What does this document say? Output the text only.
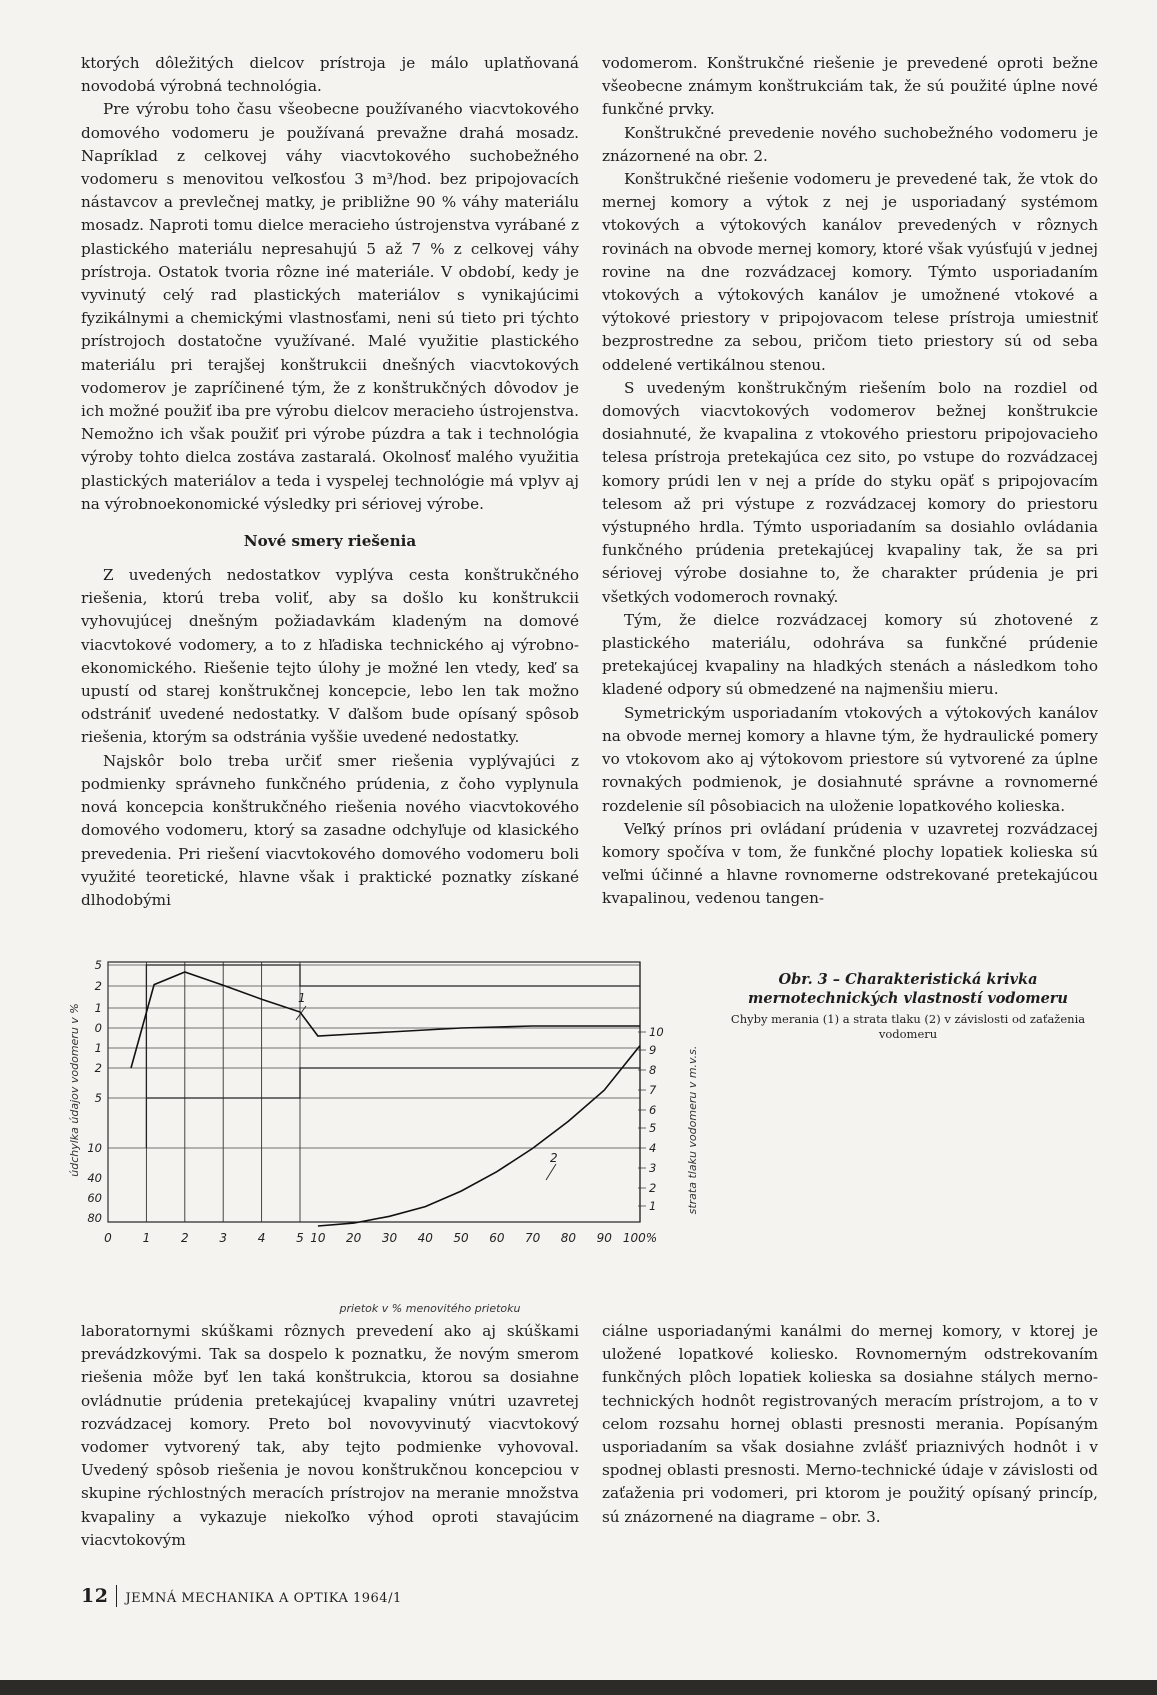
ktorých dôležitých dielcov prístroja je málo uplatňovaná novodobá výrobná technológia.

Pre výrobu toho času všeobecne používaného viacvtokového domového vodomeru je používaná prevažne drahá mosadz. Napríklad z celkovej váhy viacvtokového suchobežného vodomeru s menovitou veľkosťou 3 m³/hod. bez pripojovacích nástavcov a prevlečnej matky, je približne 90 % váhy materiálu mosadz. Naproti tomu dielce meracieho ústrojenstva vyrábané z plastického materiálu nepresahujú 5 až 7 % z celkovej váhy prístroja. Ostatok tvoria rôzne iné materiále. V období, kedy je vyvinutý celý rad plastických materiálov s vynikajúcimi fyzikálnymi a chemickými vlastnosťami, neni sú tieto pri týchto prístrojoch dostatočne využívané. Malé využitie plastického materiálu pri terajšej konštrukcii dnešných viacvtokových vodomerov je zapríčinené tým, že z konštrukčných dôvodov je ich možné použiť iba pre výrobu dielcov meracieho ústrojenstva. Nemožno ich však použiť pri výrobe púzdra a tak i technológia výroby tohto dielca zostáva zastaralá. Okolnosť malého využitia plastických materiálov a teda i vyspelej technológie má vplyv aj na výrobnoekonomické výsledky pri sériovej výrobe.

Nové smery riešenia

Z uvedených nedostatkov vyplýva cesta konštrukčného riešenia, ktorú treba voliť, aby sa došlo ku konštrukcii vyhovujúcej dnešným požiadavkám kladeným na domové viacvtokové vodomery, a to z hľadiska technického aj výrobno-ekonomického. Riešenie tejto úlohy je možné len vtedy, keď sa upustí od starej konštrukčnej koncepcie, lebo len tak možno odstrániť uvedené nedostatky. V ďalšom bude opísaný spôsob riešenia, ktorým sa odstránia vyššie uvedené nedostatky.

Najskôr bolo treba určiť smer riešenia vyplývajúci z podmienky správneho funkčného prúdenia, z čoho vyplynula nová koncepcia konštrukčného riešenia nového viacvtokového domového vodomeru, ktorý sa zasadne odchyľuje od klasického prevedenia. Pri riešení viacvtokového domového vodomeru boli využité teoretické, hlavne však i praktické poznatky získané dlhodobými

vodomerom. Konštrukčné riešenie je prevedené oproti bežne všeobecne známym konštrukciám tak, že sú použité úplne nové funkčné prvky.

Konštrukčné prevedenie nového suchobežného vodomeru je znázornené na obr. 2.

Konštrukčné riešenie vodomeru je prevedené tak, že vtok do mernej komory a výtok z nej je usporiadaný systémom vtokových a výtokových kanálov prevedených v rôznych rovinách na obvode mernej komory, ktoré však vyúsťujú v jednej rovine na dne rozvádzacej komory. Týmto usporiadaním vtokových a výtokových kanálov je umožnené vtokové a výtokové priestory v pripojovacom telese prístroja umiestniť bezprostredne za sebou, pričom tieto priestory sú od seba oddelené vertikálnou stenou.

S uvedeným konštrukčným riešením bolo na rozdiel od domových viacvtokových vodomerov bežnej konštrukcie dosiahnuté, že kvapalina z vtokového priestoru pripojovacieho telesa prístroja pretekajúca cez sito, po vstupe do rozvádzacej komory prúdi len v nej a príde do styku opäť s pripojovacím telesom až pri výstupe z rozvádzacej komory do priestoru výstupného hrdla. Týmto usporiadaním sa dosiahlo ovládania funkčného prúdenia pretekajúcej kvapaliny tak, že sa pri sériovej výrobe dosiahne to, že charakter prúdenia je pri všetkých vodomeroch rovnaký.

Tým, že dielce rozvádzacej komory sú zhotovené z plastického materiálu, odohráva sa funkčné prúdenie pretekajúcej kvapaliny na hladkých stenách a následkom toho kladené odpory sú obmedzené na najmenšiu mieru.

Symetrickým usporiadaním vtokových a výtokových kanálov na obvode mernej komory a hlavne tým, že hydraulické pomery vo vtokovom ako aj výtokovom priestore sú vytvorené za úplne rovnakých podmienok, je dosiahnuté správne a rovnomerné rozdelenie síl pôsobiacich na uloženie lopatkového kolieska.

Veľký prínos pri ovládaní prúdenia v uzavretej rozvádzacej komory spočíva v tom, že funkčné plochy lopatiek kolieska sú veľmi účinné a hlavne rovnomerne odstrekované pretekajúcou kvapalinou, vedenou tangen-

0	1	2	3	4	5 10 20 30 40 50 60 70 80 90 100%
5
2
1
0
1
2
5
10
40
60
80
10
9
8
7
6
5
4
3
2
1
prietok v % menovitého prietoku
údchylka údajov vodomeru v %	strata tlaku vodomeru v m.v.s.
1
2
Obr. 3 – Charakteristická krivka mernotechnických vlastností vodomeru
Chyby merania (1) a strata tlaku (2) v závislosti od zaťaženia vodomeru

laboratornymi skúškami rôznych prevedení ako aj skúškami prevádzkovými. Tak sa dospelo k poznatku, že novým smerom riešenia môže byť len taká konštrukcia, ktorou sa dosiahne ovládnutie prúdenia pretekajúcej kvapaliny vnútri uzavretej rozvádzacej komory. Preto bol novovyvinutý viacvtokový vodomer vytvorený tak, aby tejto podmienke vyhovoval. Uvedený spôsob riešenia je novou konštrukčnou koncepciou v skupine rýchlostných meracích prístrojov na meranie množstva kvapaliny a vykazuje niekoľko výhod oproti stavajúcim viacvtokovým

ciálne usporiadanými kanálmi do mernej komory, v ktorej je uložené lopatkové koliesko. Rovnomerným odstrekovaním funkčných plôch lopatiek kolieska sa dosiahne stálych merno-technických hodnôt registrovaných meracím prístrojom, a to v celom rozsahu hornej oblasti presnosti merania. Popísaným usporiadaním sa však dosiahne zvlášť priaznivých hodnôt i v spodnej oblasti presnosti. Merno-technické údaje v závislosti od zaťaženia pri vodomeri, pri ktorom je použitý opísaný princíp, sú znázornené na diagrame – obr. 3.

12 JEMNÁ MECHANIKA A OPTIKA 1964/1
